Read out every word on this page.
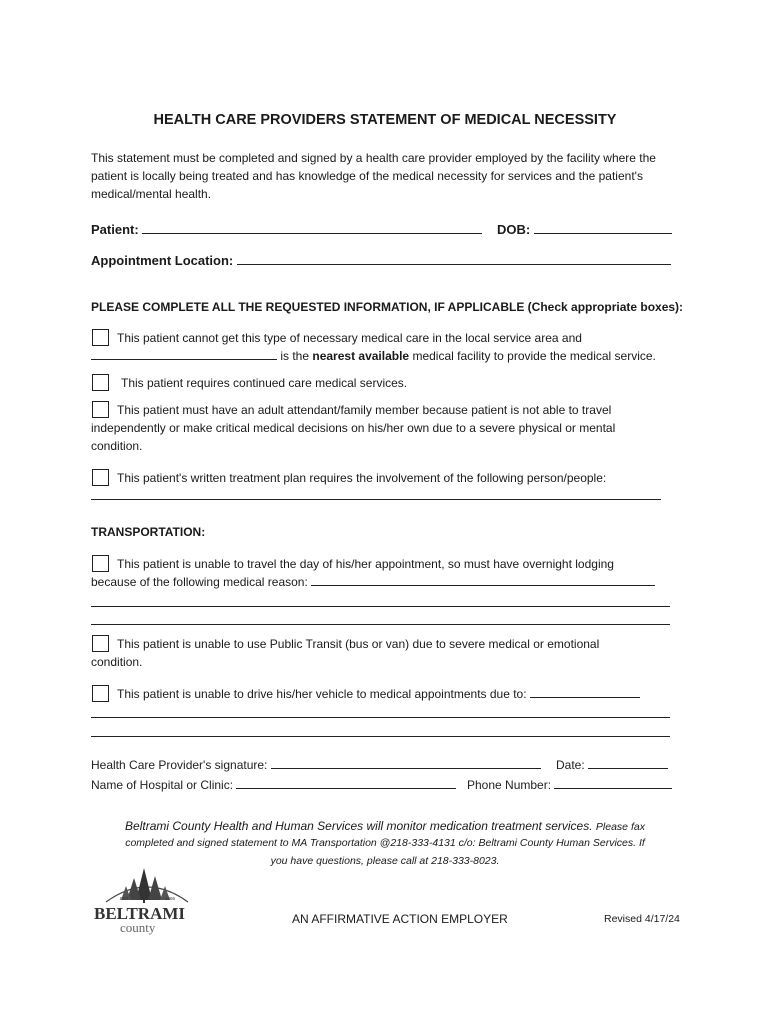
HEALTH CARE PROVIDERS STATEMENT OF MEDICAL NECESSITY
This statement must be completed and signed by a health care provider employed by the facility where the patient is locally being treated and has knowledge of the medical necessity for services and the patient's medical/mental health.
Patient:	DOB:
Appointment Location:
PLEASE COMPLETE ALL THE REQUESTED INFORMATION, IF APPLICABLE (Check appropriate boxes):
This patient cannot get this type of necessary medical care in the local service area and
is the nearest available medical facility to provide the medical service.
This patient requires continued care medical services.
This patient must have an adult attendant/family member because patient is not able to travel
independently or make critical medical decisions on his/her own due to a severe physical or mental
condition.
This patient's written treatment plan requires the involvement of the following person/people:
TRANSPORTATION:
This patient is unable to travel the day of his/her appointment, so must have overnight lodging
because of the following medical reason:
This patient is unable to use Public Transit (bus or van) due to severe medical or emotional
condition.
This patient is unable to drive his/her vehicle to medical appointments due to:
Health Care Provider's signature:	Date:
Name of Hospital or Clinic:	Phone Number:
Beltrami County Health and Human Services will monitor medication treatment services. Please fax
completed and signed statement to MA Transportation @218-333-4131 c/o: Beltrami County Human Services. If
you have questions, please call at 218-333-8023.
EST.	1866
BELTRAMI
county
AN AFFIRMATIVE ACTION EMPLOYER	Revised 4/17/24
